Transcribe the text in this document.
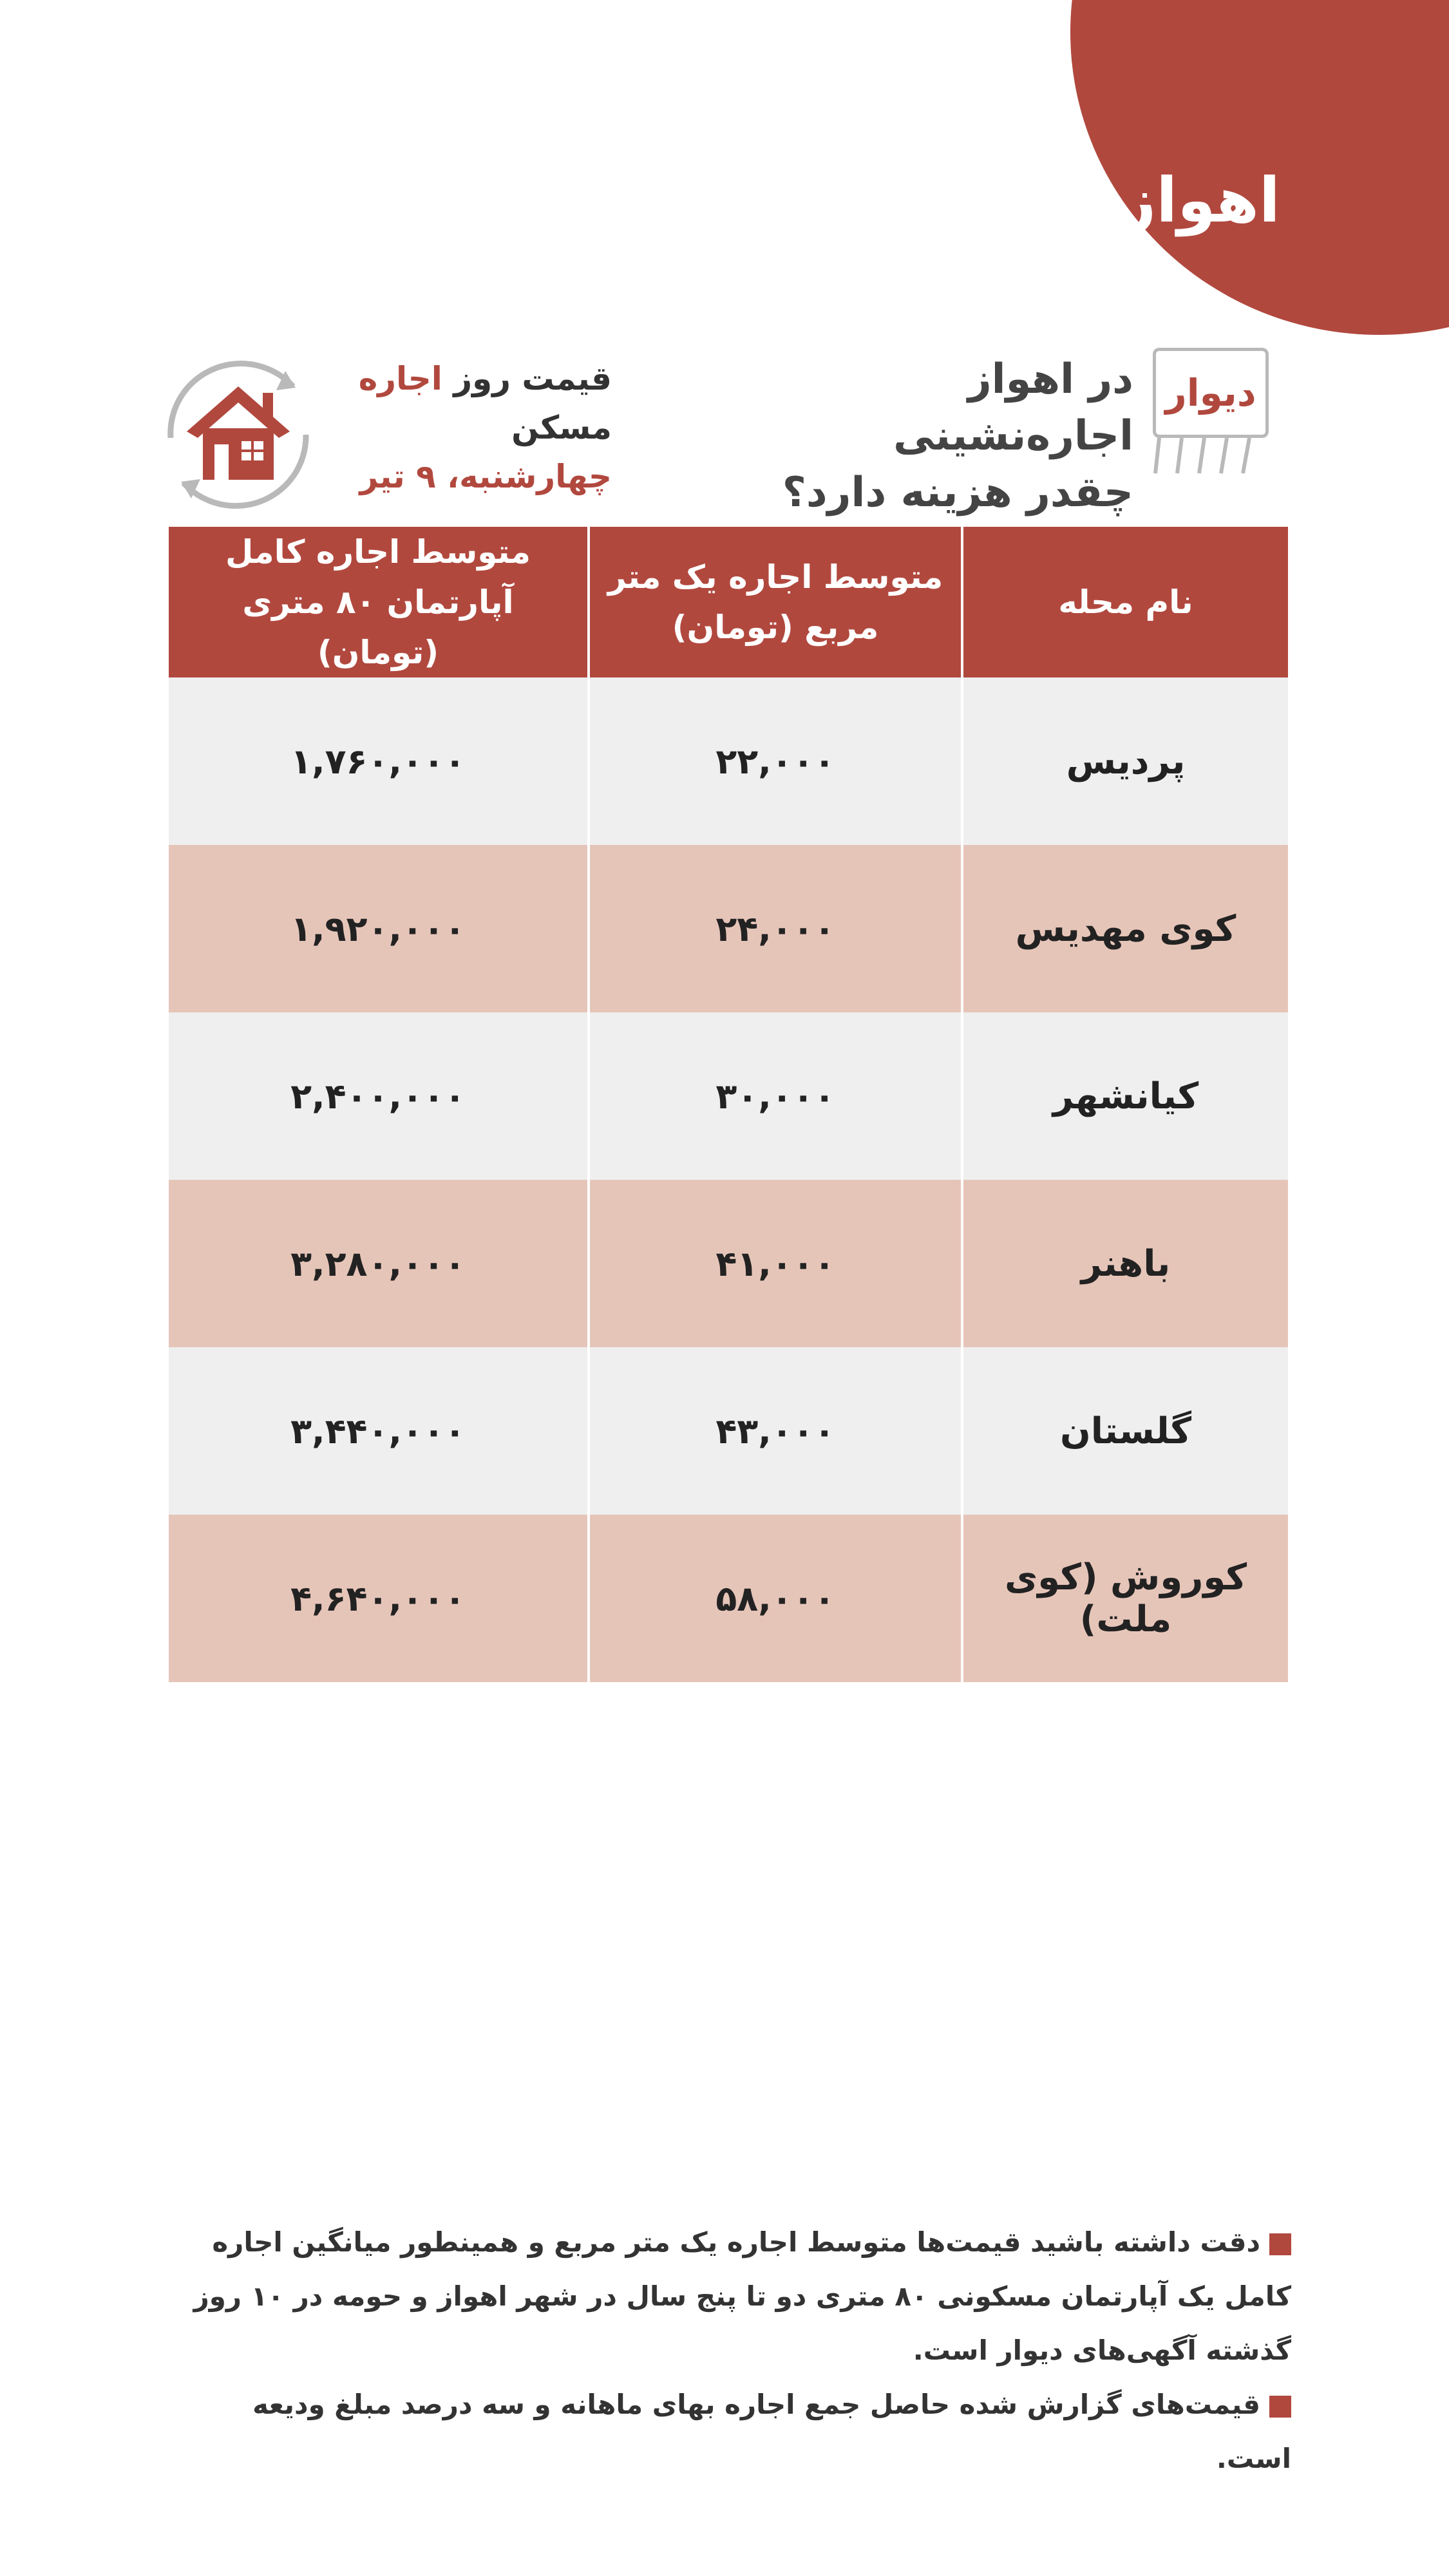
اهواز
دیوار
در اهواز اجاره‌نشینی
چقدر هزینه دارد؟
قیمت روز اجاره مسکن
چهارشنبه، ۹ تیر
نام محله	متوسط اجاره یک متر مربع (تومان)	متوسط اجاره کامل آپارتمان ۸۰ متری (تومان)
پردیس	۲۲,۰۰۰	۱,۷۶۰,۰۰۰
کوی مهدیس	۲۴,۰۰۰	۱,۹۲۰,۰۰۰
کیانشهر	۳۰,۰۰۰	۲,۴۰۰,۰۰۰
باهنر	۴۱,۰۰۰	۳,۲۸۰,۰۰۰
گلستان	۴۳,۰۰۰	۳,۴۴۰,۰۰۰
کوروش (کوی ملت)	۵۸,۰۰۰	۴,۶۴۰,۰۰۰

دقت داشته باشید قیمت‌ها متوسط اجاره یک متر مربع و همینطور میانگین اجاره کامل یک آپارتمان مسکونی ۸۰ متری دو تا پنج سال در شهر اهواز و حومه در ۱۰ روز گذشته آگهی‌های دیوار است.

قیمت‌های گزارش شده حاصل جمع اجاره بهای ماهانه و سه درصد مبلغ ودیعه است.
